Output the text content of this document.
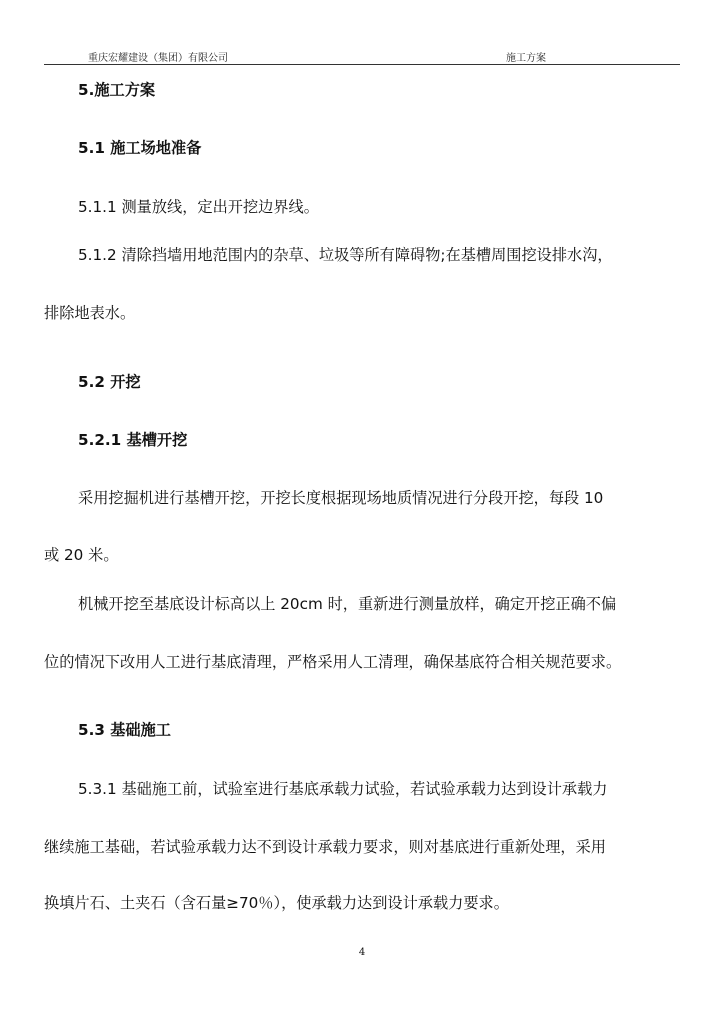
重庆宏耀建设（集团）有限公司	施工方案
5.施工方案
5.1 施工场地准备
5.1.1 测量放线，定出开挖边界线。
5.1.2 清除挡墙用地范围内的杂草、垃圾等所有障碍物;在基槽周围挖设排水沟，
排除地表水。
5.2 开挖
5.2.1 基槽开挖
采用挖掘机进行基槽开挖，开挖长度根据现场地质情况进行分段开挖，每段 10
或 20 米。
机械开挖至基底设计标高以上 20cm 时，重新进行测量放样，确定开挖正确不偏
位的情况下改用人工进行基底清理，严格采用人工清理，确保基底符合相关规范要求。
5.3 基础施工
5.3.1 基础施工前，试验室进行基底承载力试验，若试验承载力达到设计承载力
继续施工基础，若试验承载力达不到设计承载力要求，则对基底进行重新处理，采用
换填片石、土夹石（含石量≥70％），使承载力达到设计承载力要求。
4
